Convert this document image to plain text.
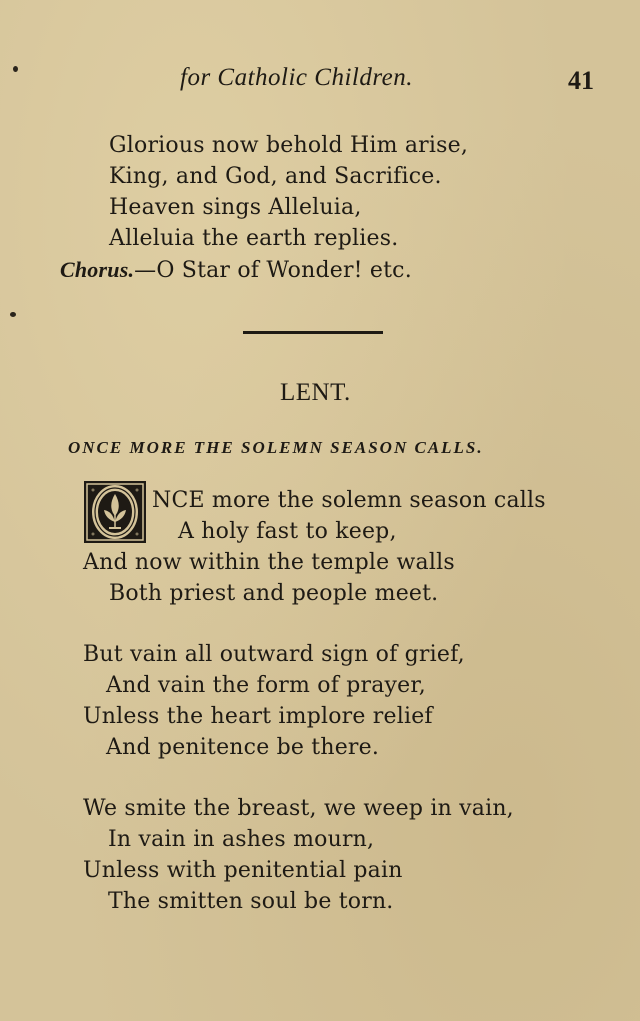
for Catholic Children.	41
Glorious now behold Him arise,
King, and God, and Sacrifice.
Heaven sings Alleluia,
Alleluia the earth replies.
Chorus.—O Star of Wonder! etc.
LENT.
ONCE MORE THE SOLEMN SEASON CALLS.
NCE more the solemn season calls
A holy fast to keep,
And now within the temple walls
Both priest and people meet.
But vain all outward sign of grief,
And vain the form of prayer,
Unless the heart implore relief
And penitence be there.
We smite the breast, we weep in vain,
In vain in ashes mourn,
Unless with penitential pain
The smitten soul be torn.
